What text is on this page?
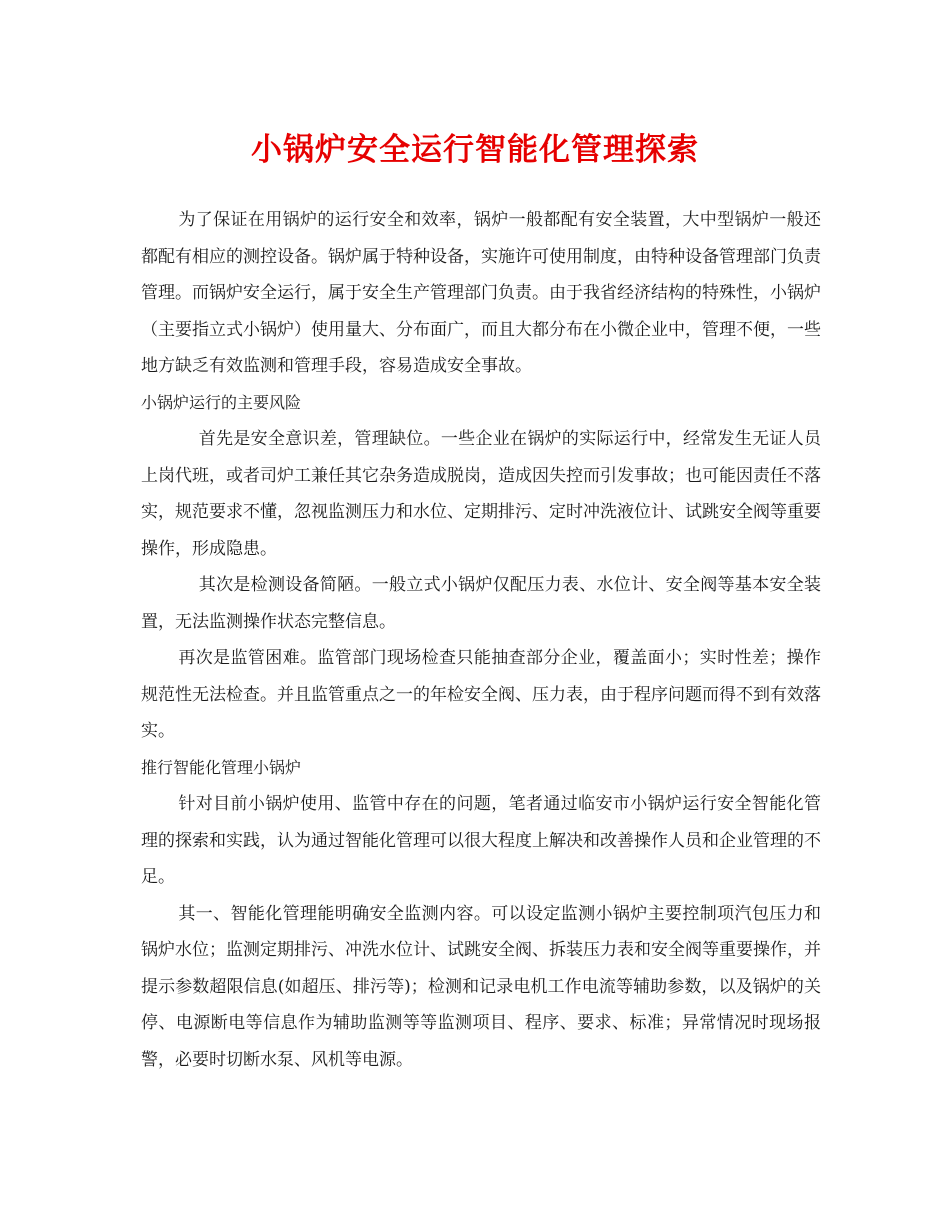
小锅炉安全运行智能化管理探索

为了保证在用锅炉的运行安全和效率，锅炉一般都配有安全装置，大中型锅炉一般还都配有相应的测控设备。锅炉属于特种设备，实施许可使用制度，由特种设备管理部门负责管理。而锅炉安全运行，属于安全生产管理部门负责。由于我省经济结构的特殊性，小锅炉（主要指立式小锅炉）使用量大、分布面广，而且大都分布在小微企业中，管理不便，一些地方缺乏有效监测和管理手段，容易造成安全事故。

小锅炉运行的主要风险

首先是安全意识差，管理缺位。一些企业在锅炉的实际运行中，经常发生无证人员上岗代班，或者司炉工兼任其它杂务造成脱岗，造成因失控而引发事故；也可能因责任不落实，规范要求不懂，忽视监测压力和水位、定期排污、定时冲洗液位计、试跳安全阀等重要操作，形成隐患。

其次是检测设备简陋。一般立式小锅炉仅配压力表、水位计、安全阀等基本安全装置，无法监测操作状态完整信息。

再次是监管困难。监管部门现场检查只能抽查部分企业，覆盖面小；实时性差；操作规范性无法检查。并且监管重点之一的年检安全阀、压力表，由于程序问题而得不到有效落实。

推行智能化管理小锅炉

针对目前小锅炉使用、监管中存在的问题，笔者通过临安市小锅炉运行安全智能化管理的探索和实践，认为通过智能化管理可以很大程度上解决和改善操作人员和企业管理的不足。

其一、智能化管理能明确安全监测内容。可以设定监测小锅炉主要控制项汽包压力和锅炉水位；监测定期排污、冲洗水位计、试跳安全阀、拆装压力表和安全阀等重要操作，并提示参数超限信息(如超压、排污等)；检测和记录电机工作电流等辅助参数，以及锅炉的关停、电源断电等信息作为辅助监测等等监测项目、程序、要求、标准；异常情况时现场报警，必要时切断水泵、风机等电源。
